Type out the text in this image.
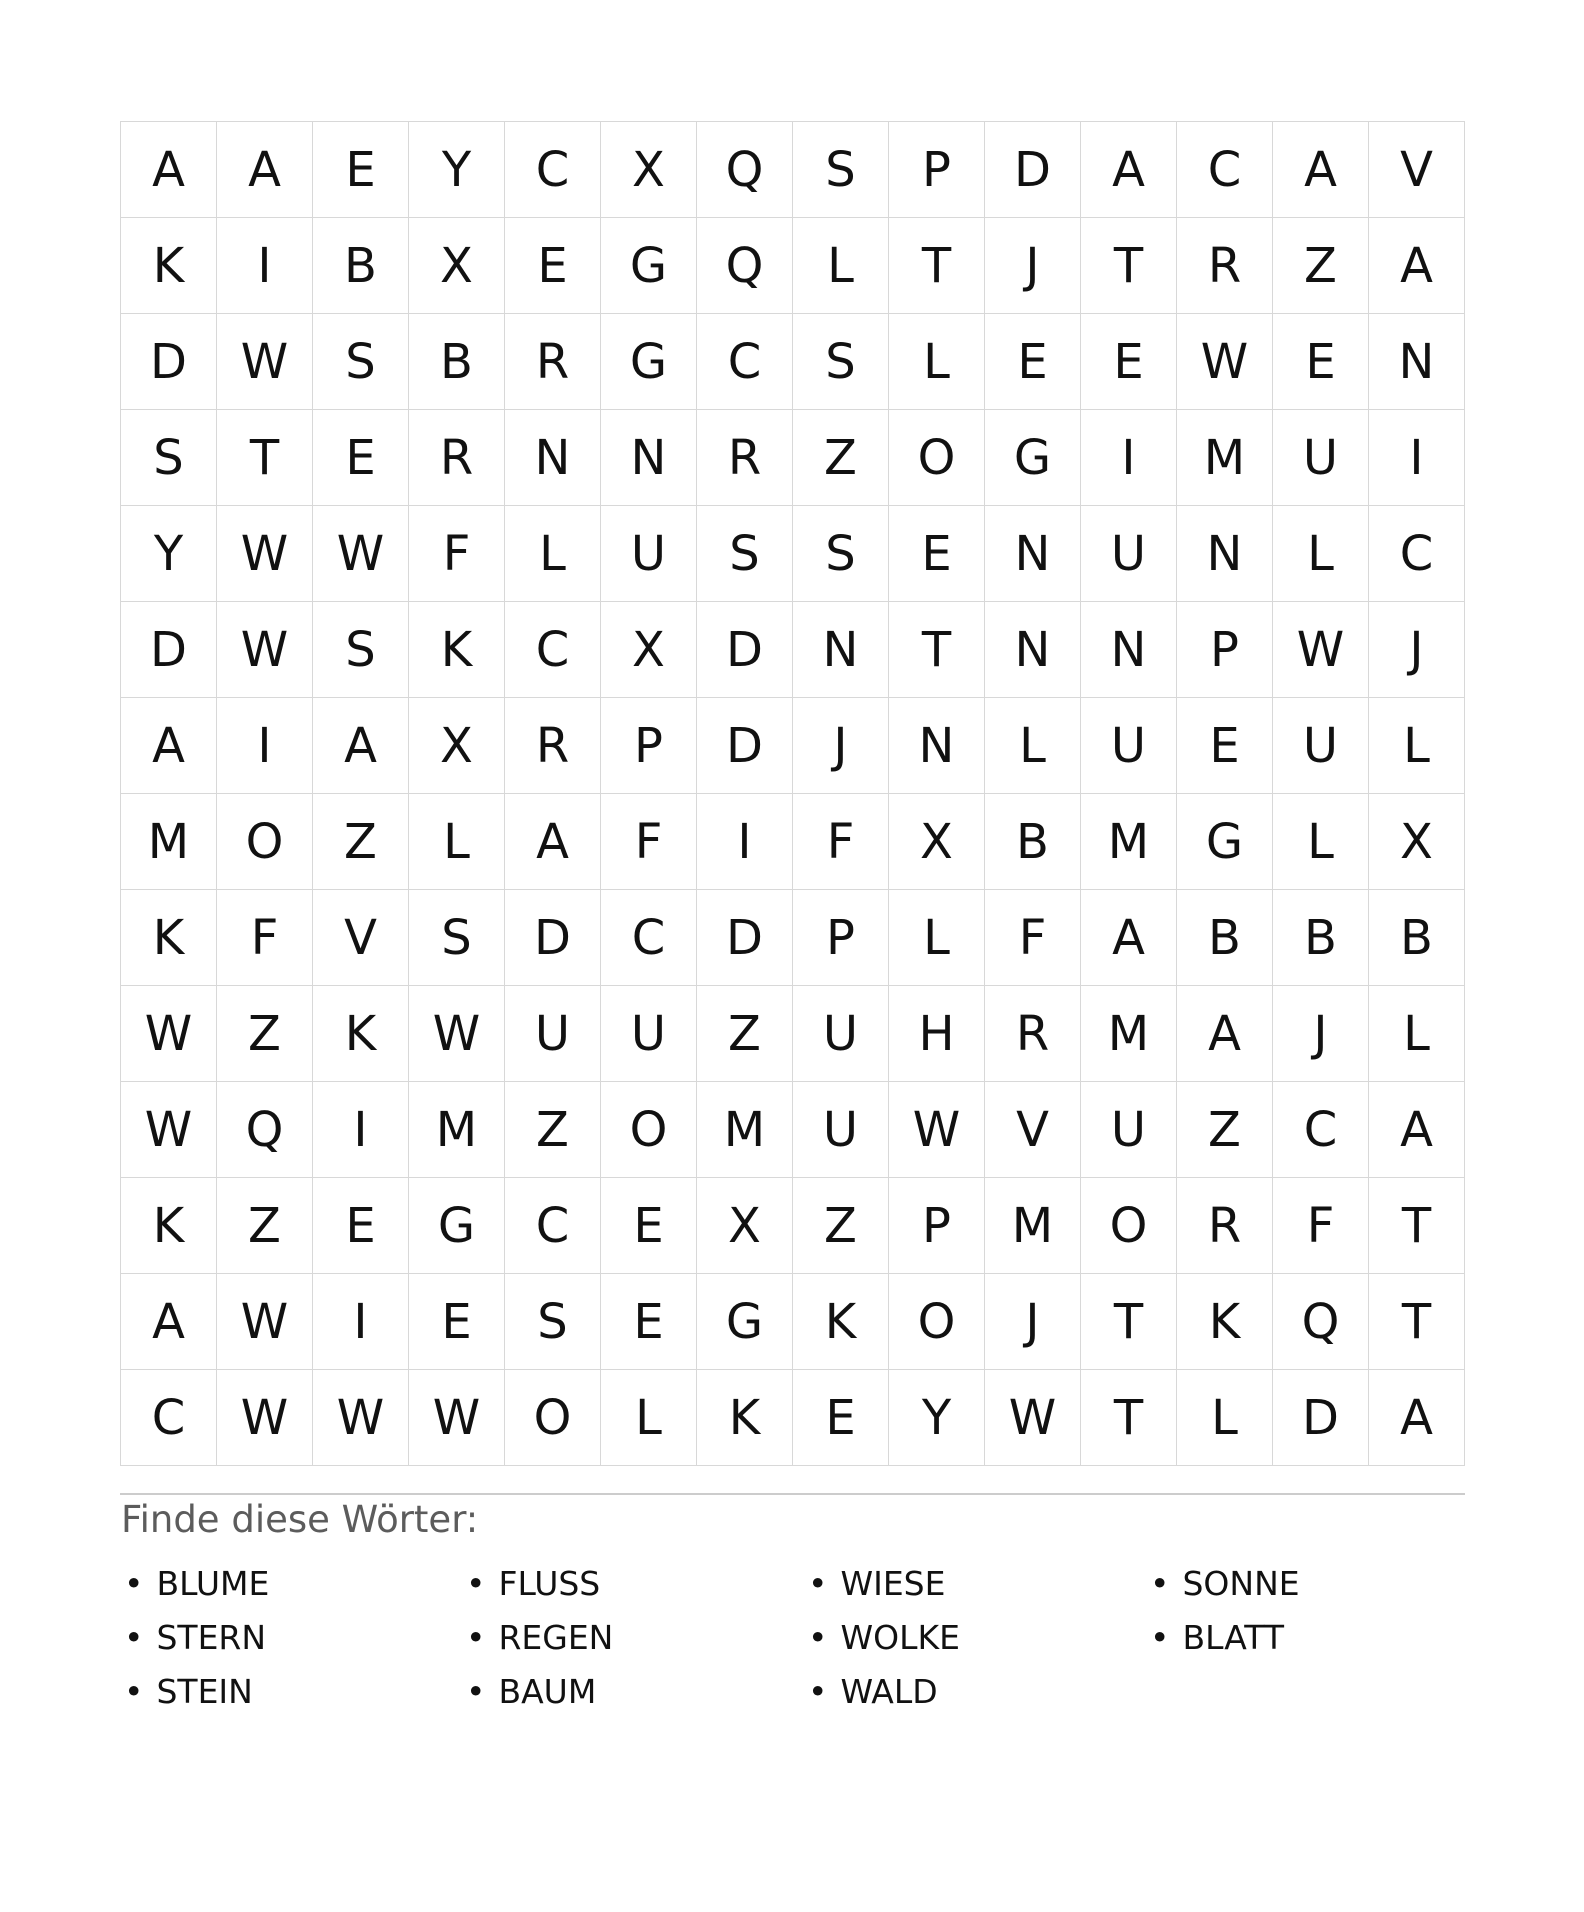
A	A	E	Y	C	X	Q	S	P	D	A	C	A	V
K	I	B	X	E	G	Q	L	T	J	T	R	Z	A
D	W	S	B	R	G	C	S	L	E	E	W	E	N
S	T	E	R	N	N	R	Z	O	G	I	M	U	I
Y	W	W	F	L	U	S	S	E	N	U	N	L	C
D	W	S	K	C	X	D	N	T	N	N	P	W	J
A	I	A	X	R	P	D	J	N	L	U	E	U	L
M	O	Z	L	A	F	I	F	X	B	M	G	L	X
K	F	V	S	D	C	D	P	L	F	A	B	B	B
W	Z	K	W	U	U	Z	U	H	R	M	A	J	L
W	Q	I	M	Z	O	M	U	W	V	U	Z	C	A
K	Z	E	G	C	E	X	Z	P	M	O	R	F	T
A	W	I	E	S	E	G	K	O	J	T	K	Q	T
C	W	W	W	O	L	K	E	Y	W	T	L	D	A
Finde diese Wörter:
• BLUME
• STERN
• STEIN
• FLUSS
• REGEN
• BAUM
• WIESE
• WOLKE
• WALD
• SONNE
• BLATT
